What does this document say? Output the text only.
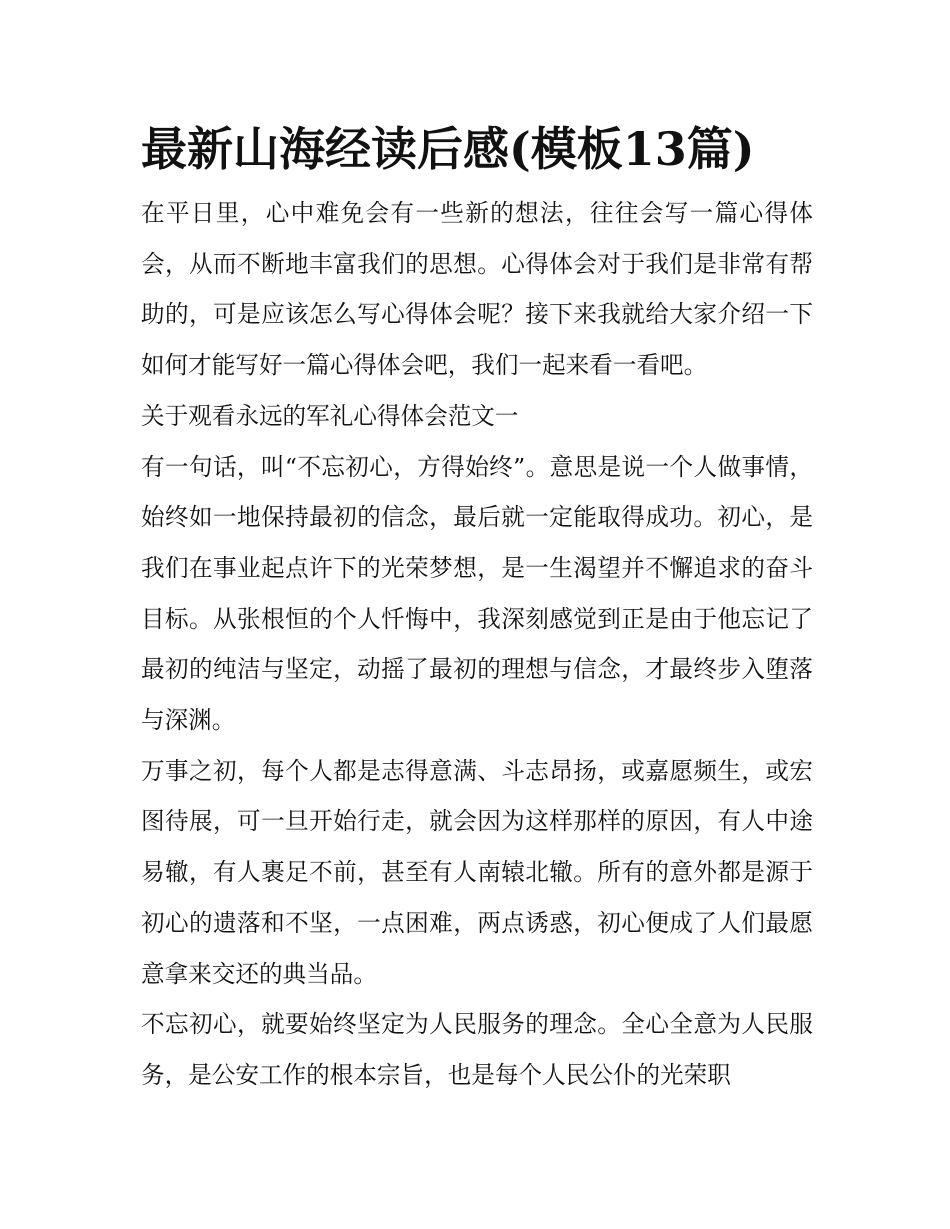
最新山海经读后感(模板13篇)

在平日里，心中难免会有一些新的想法，往往会写一篇心得体会，从而不断地丰富我们的思想。心得体会对于我们是非常有帮助的，可是应该怎么写心得体会呢？接下来我就给大家介绍一下如何才能写好一篇心得体会吧，我们一起来看一看吧。

关于观看永远的军礼心得体会范文一

有一句话，叫“不忘初心，方得始终”。意思是说一个人做事情，始终如一地保持最初的信念，最后就一定能取得成功。初心，是我们在事业起点许下的光荣梦想，是一生渴望并不懈追求的奋斗目标。从张根恒的个人忏悔中，我深刻感觉到正是由于他忘记了最初的纯洁与坚定，动摇了最初的理想与信念，才最终步入堕落与深渊。

万事之初，每个人都是志得意满、斗志昂扬，或嘉愿频生，或宏图待展，可一旦开始行走，就会因为这样那样的原因，有人中途易辙，有人裹足不前，甚至有人南辕北辙。所有的意外都是源于初心的遗落和不坚，一点困难，两点诱惑，初心便成了人们最愿意拿来交还的典当品。

不忘初心，就要始终坚定为人民服务的理念。全心全意为人民服务，是公安工作的根本宗旨，也是每个人民公仆的光荣职
